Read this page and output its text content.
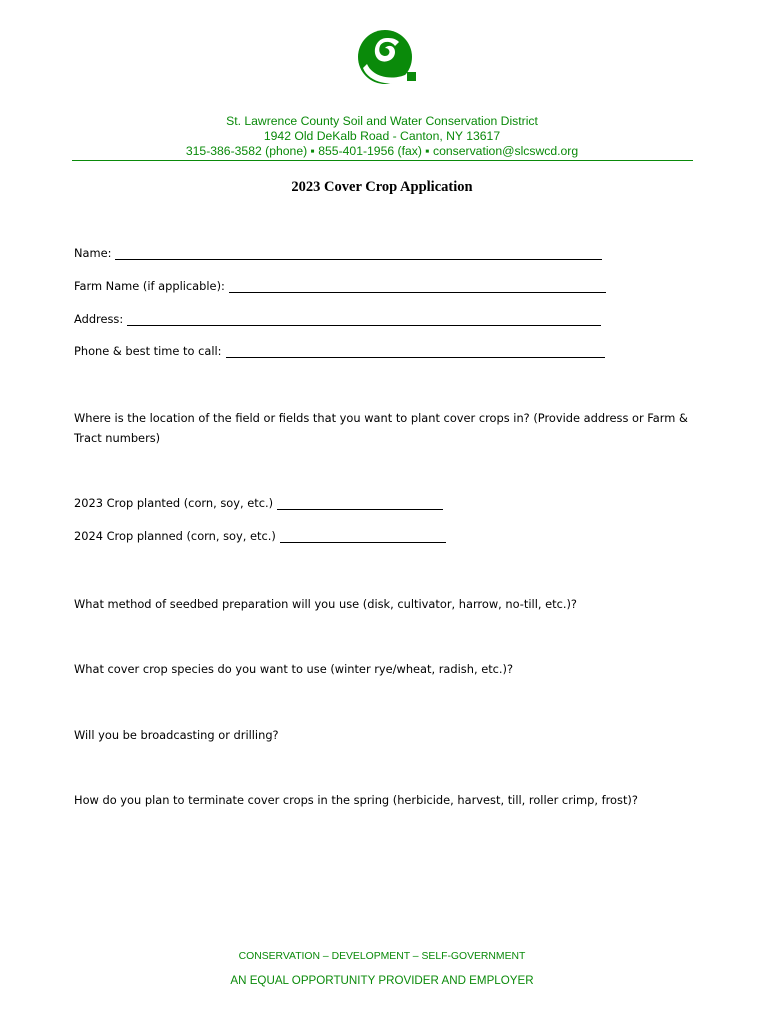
St. Lawrence County Soil and Water Conservation District
1942 Old DeKalb Road - Canton, NY 13617
315-386-3582 (phone) ▪ 855-401-1956 (fax) ▪ conservation@slcswcd.org
2023 Cover Crop Application
Name:
Farm Name (if applicable):
Address:
Phone & best time to call:
Where is the location of the field or fields that you want to plant cover crops in? (Provide address or Farm & Tract numbers)
2023 Crop planted (corn, soy, etc.)
2024 Crop planned (corn, soy, etc.)
What method of seedbed preparation will you use (disk, cultivator, harrow, no-till, etc.)?
What cover crop species do you want to use (winter rye/wheat, radish, etc.)?
Will you be broadcasting or drilling?
How do you plan to terminate cover crops in the spring (herbicide, harvest, till, roller crimp, frost)?
CONSERVATION – DEVELOPMENT – SELF-GOVERNMENT
AN EQUAL OPPORTUNITY PROVIDER AND EMPLOYER
